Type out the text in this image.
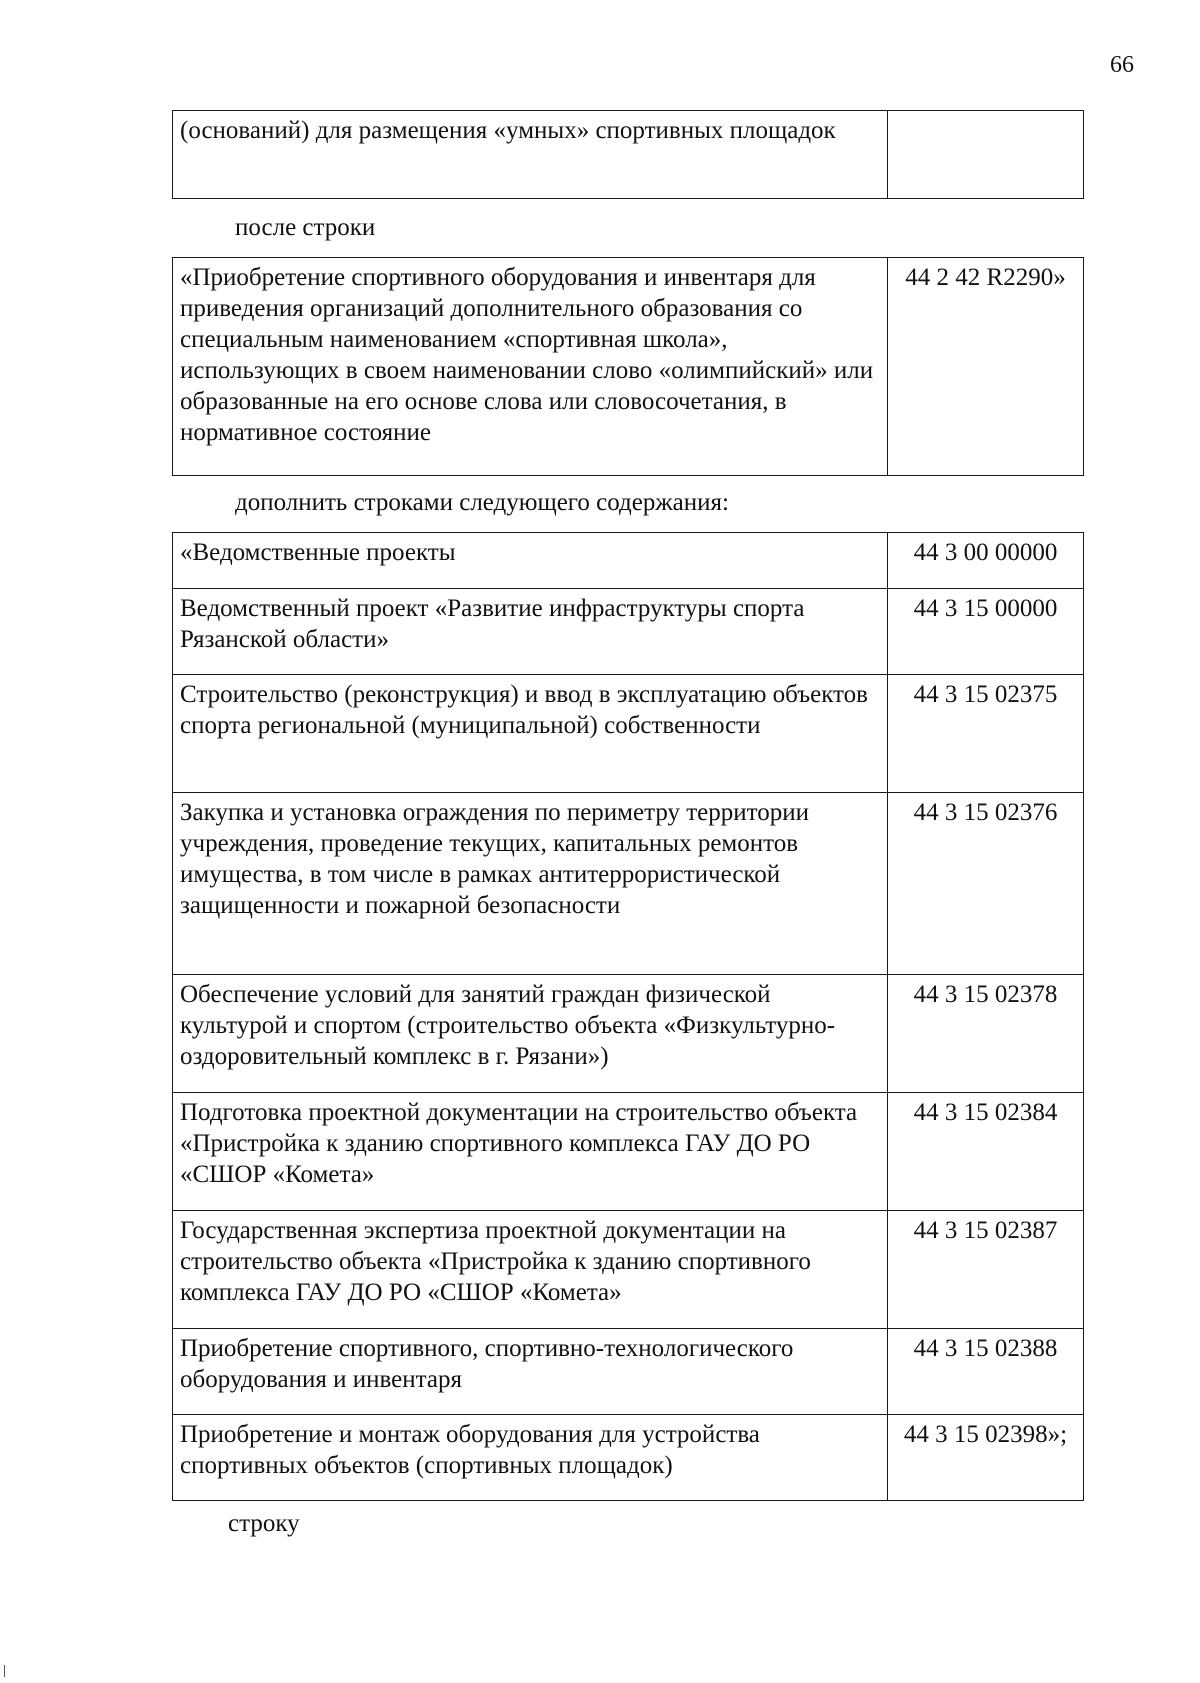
66
(оснований) для размещения «умных» спортивных площадок	
после строки
«Приобретение спортивного оборудования и инвентаря для приведения организаций дополнительного образования со специальным наименованием «спортивная школа», использующих в своем наименовании слово «олимпийский» или образованные на его основе слова или словосочетания, в нормативное состояние	44 2 42 R2290»
дополнить строками следующего содержания:
«Ведомственные проекты	44 3 00 00000
Ведомственный проект «Развитие инфраструктуры спорта Рязанской области»	44 3 15 00000
Строительство (реконструкция) и ввод в эксплуатацию объектов спорта региональной (муниципальной) собственности	44 3 15 02375
Закупка и установка ограждения по периметру территории учреждения, проведение текущих, капитальных ремонтов имущества, в том числе в рамках антитеррористической защищенности и пожарной безопасности	44 3 15 02376
Обеспечение условий для занятий граждан физической культурой и спортом (строительство объекта «Физкультурно-оздоровительный комплекс в г. Рязани»)	44 3 15 02378
Подготовка проектной документации на строительство объекта «Пристройка к зданию спортивного комплекса ГАУ ДО РО «СШОР «Комета»	44 3 15 02384
Государственная экспертиза проектной документации на строительство объекта «Пристройка к зданию спортивного комплекса ГАУ ДО РО «СШОР «Комета»	44 3 15 02387
Приобретение спортивного, спортивно-технологического оборудования и инвентаря	44 3 15 02388
Приобретение и монтаж оборудования для устройства спортивных объектов (спортивных площадок)	44 3 15 02398»;
строку
